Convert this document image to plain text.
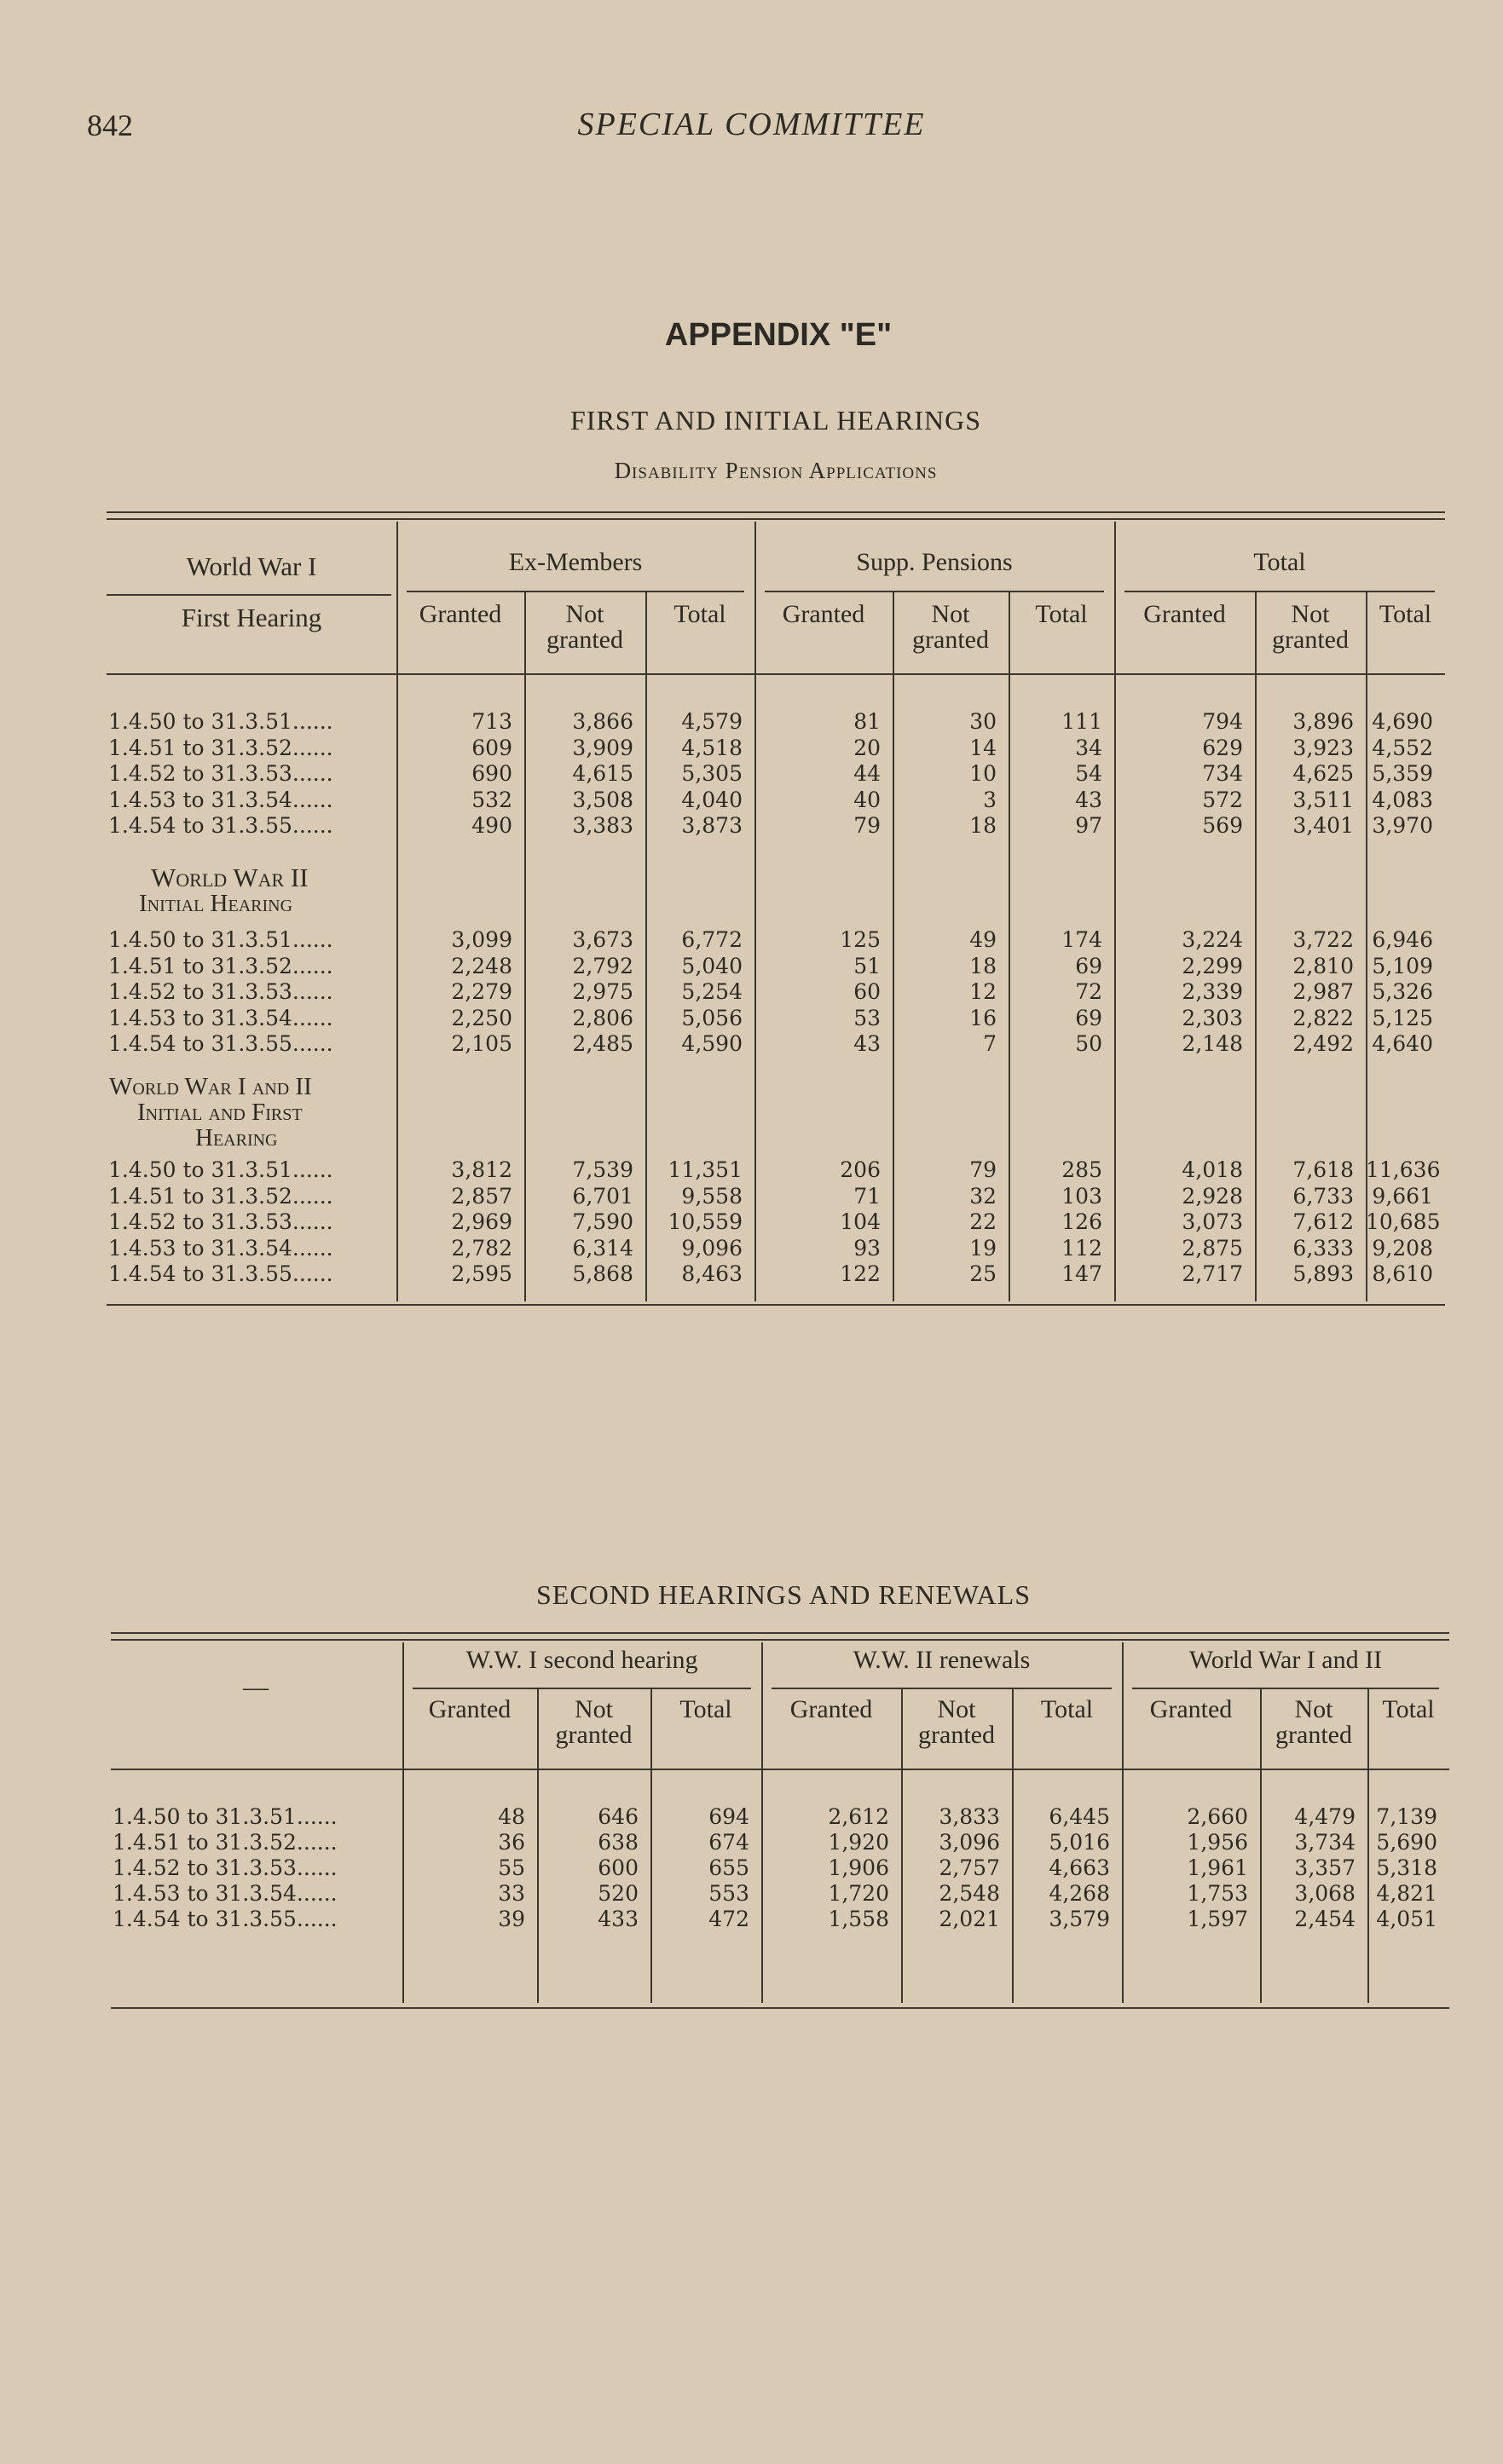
842	SPECIAL COMMITTEE
APPENDIX "E"
FIRST AND INITIAL HEARINGS
Disability Pension Applications
Ex-Members	Supp. Pensions	Total
Granted	Not
granted
Total	Granted	Not
granted
Total	Granted	Not
granted
Total
World War I
First Hearing
1.4.50 to 31.3.51......	713	3,866	4,579	81	30	111	794	3,896 4,690
1.4.51 to 31.3.52......	609	3,909	4,518	20	14	34	629	3,923 4,552
1.4.52 to 31.3.53......	690	4,615	5,305	44	10	54	734	4,625 5,359
1.4.53 to 31.3.54......	532	3,508	4,040	40	3	43	572	3,511 4,083
1.4.54 to 31.3.55......	490	3,383	3,873	79	18	97	569	3,401 3,970
World War II
Initial Hearing
1.4.50 to 31.3.51......	3,099	3,673	6,772	125	49	174	3,224	3,722 6,946
1.4.51 to 31.3.52......	2,248	2,792	5,040	51	18	69	2,299	2,810 5,109
1.4.52 to 31.3.53......	2,279	2,975	5,254	60	12	72	2,339	2,987 5,326
1.4.53 to 31.3.54......	2,250	2,806	5,056	53	16	69	2,303	2,822 5,125
1.4.54 to 31.3.55......	2,105	2,485	4,590	43	7	50	2,148	2,492 4,640
World War I and II
Initial and First
Hearing
1.4.50 to 31.3.51......	3,812	7,539	11,351	206	79	285	4,018	7,618 11,636
1.4.51 to 31.3.52......	2,857	6,701	9,558	71	32	103	2,928	6,733 9,661
1.4.52 to 31.3.53......	2,969	7,590	10,559	104	22	126	3,073	7,612 10,685
1.4.53 to 31.3.54......	2,782	6,314	9,096	93	19	112	2,875	6,333 9,208
1.4.54 to 31.3.55......	2,595	5,868	8,463	122	25	147	2,717	5,893 8,610
SECOND HEARINGS AND RENEWALS
W.W. I second hearing	W.W. II renewals	World War I and II
Granted	Not
granted
Total	Granted	Not
granted
Total	Granted	Not
granted
Total
—
1.4.50 to 31.3.51......	48	646	694	2,612	3,833	6,445	2,660	4,479 7,139
1.4.51 to 31.3.52......	36	638	674	1,920	3,096	5,016	1,956	3,734 5,690
1.4.52 to 31.3.53......	55	600	655	1,906	2,757	4,663	1,961	3,357 5,318
1.4.53 to 31.3.54......	33	520	553	1,720	2,548	4,268	1,753	3,068 4,821
1.4.54 to 31.3.55......	39	433	472	1,558	2,021	3,579	1,597	2,454 4,051
